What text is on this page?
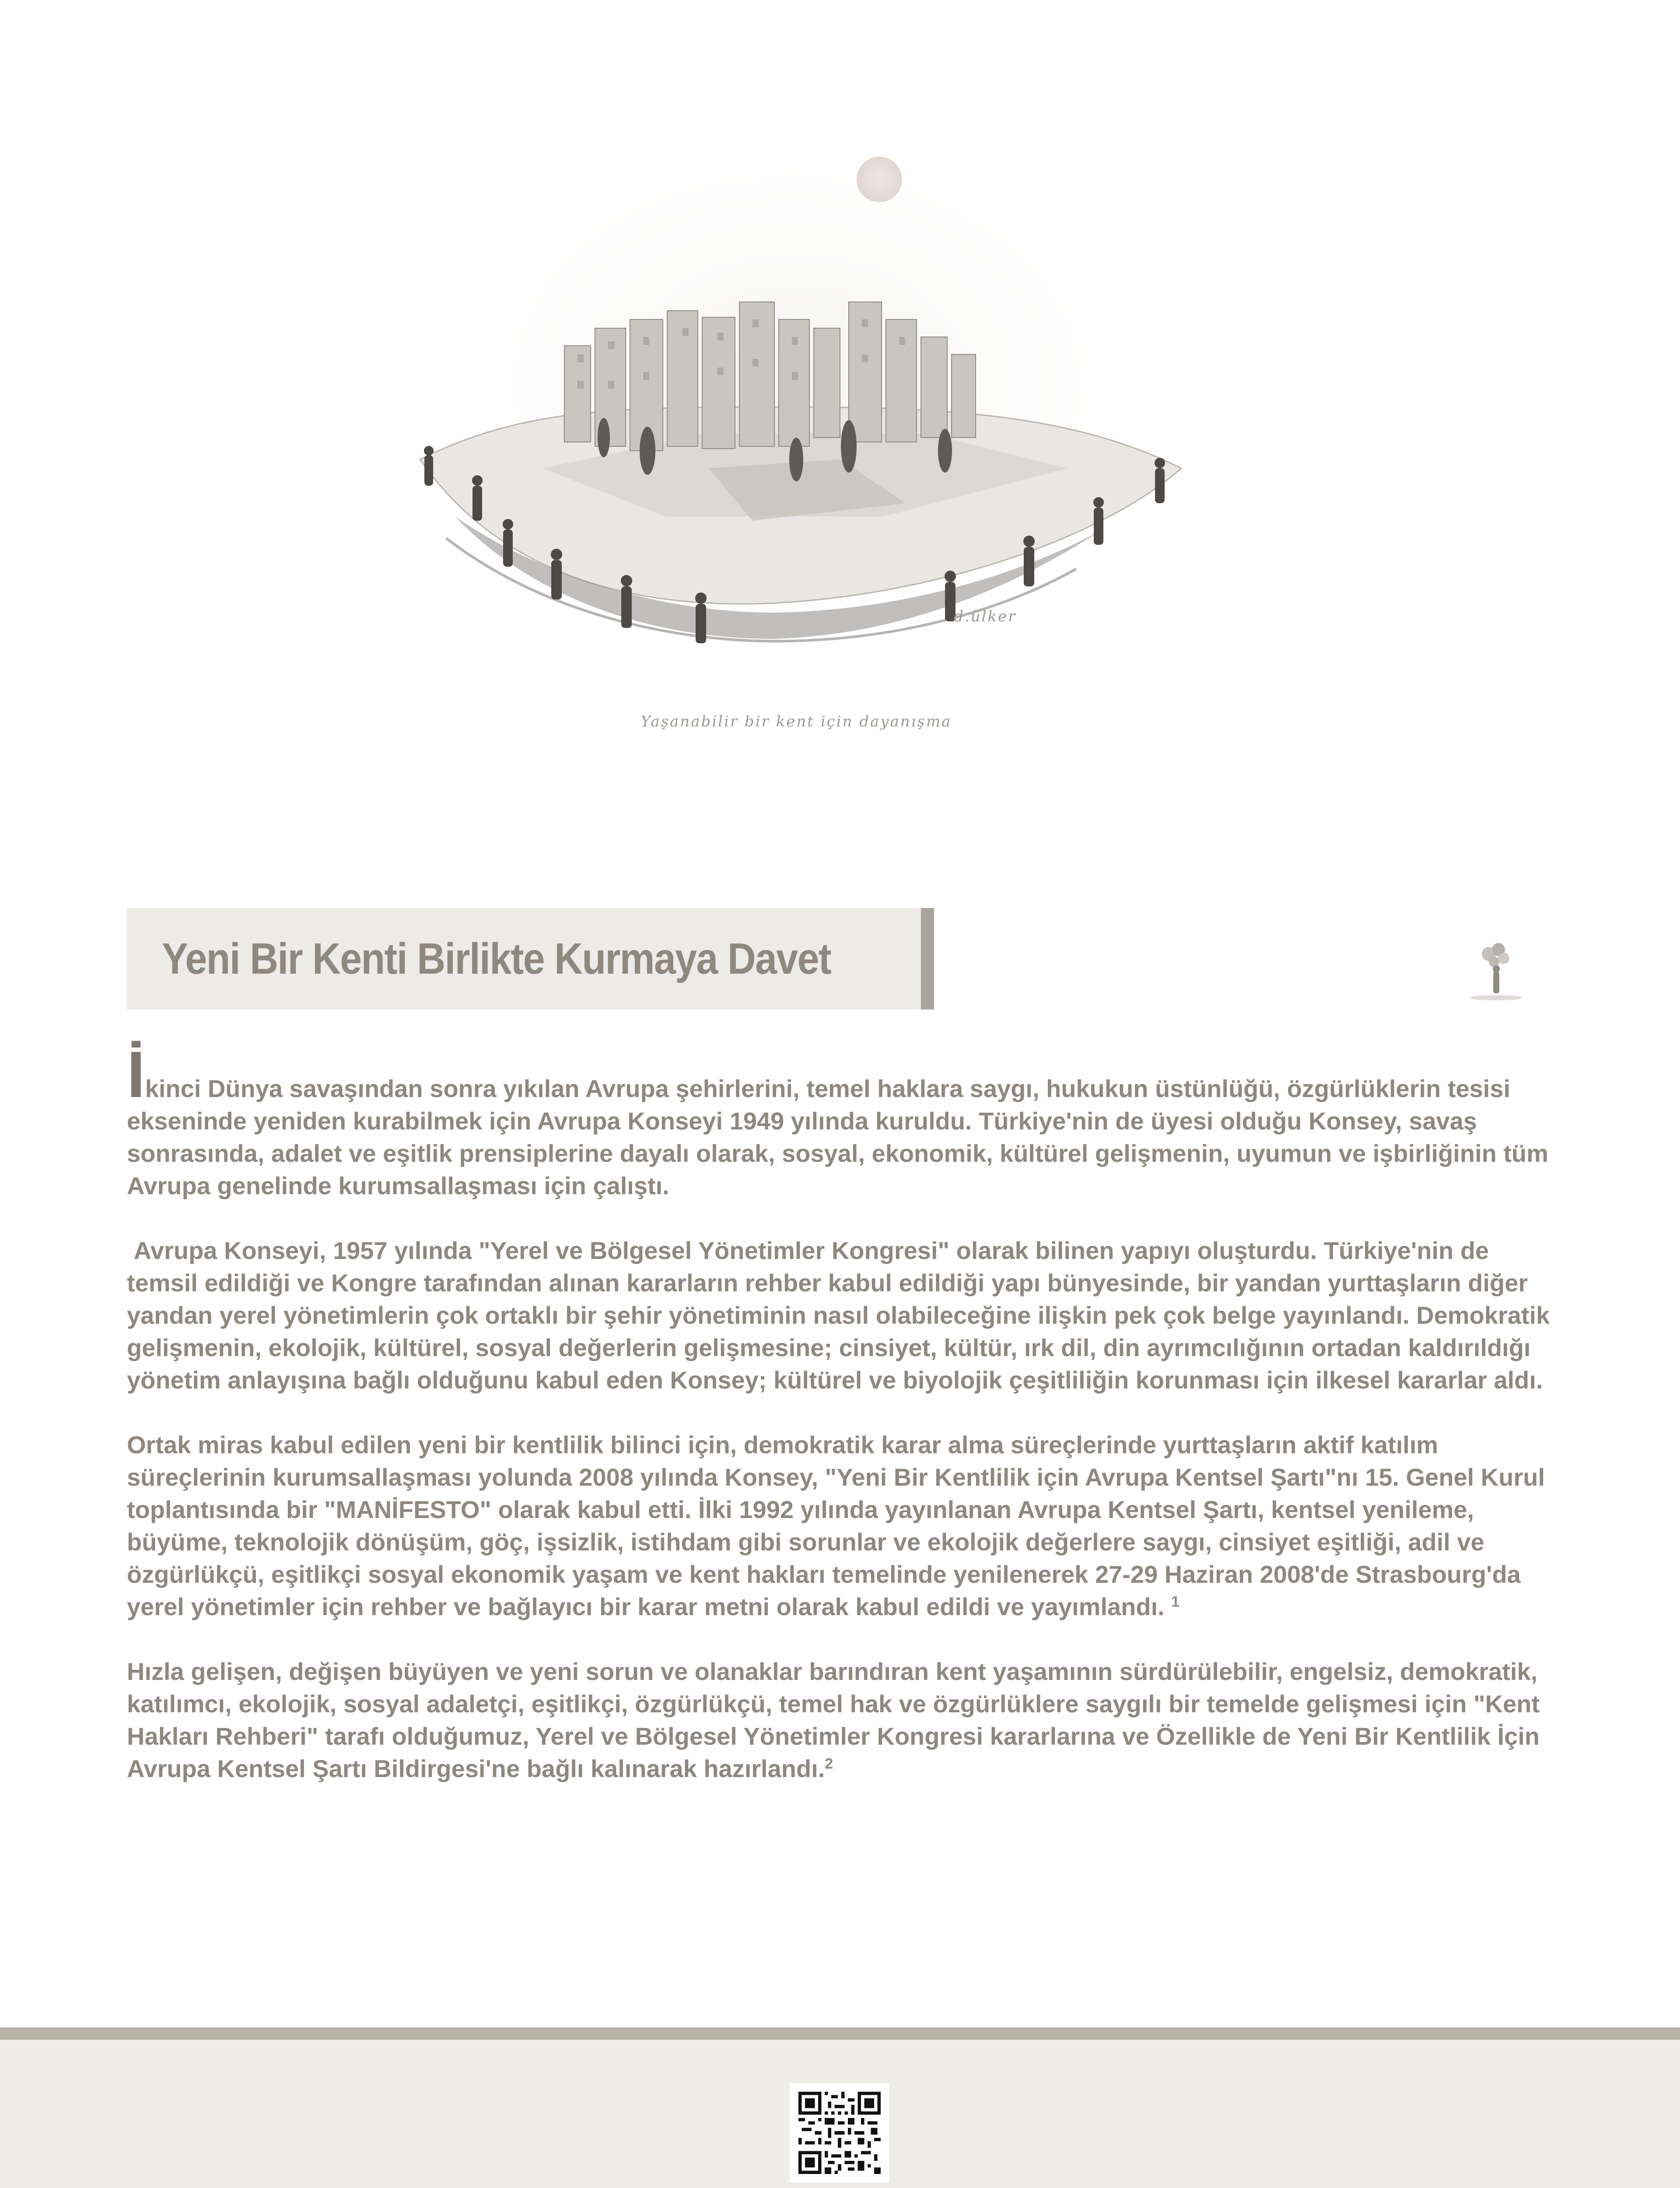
d.ülker
Yaşanabilir bir kent için dayanışma
Yeni Bir Kenti Birlikte Kurmaya Davet

İkinci Dünya savaşından sonra yıkılan Avrupa şehirlerini, temel haklara saygı, hukukun üstünlüğü, özgürlüklerin tesisi ekseninde yeniden kurabilmek için Avrupa Konseyi 1949 yılında kuruldu. Türkiye'nin de üyesi olduğu Konsey, savaş sonrasında, adalet ve eşitlik prensiplerine dayalı olarak, sosyal, ekonomik, kültürel gelişmenin, uyumun ve işbirliğinin tüm Avrupa genelinde kurumsallaşması için çalıştı.

Avrupa Konseyi, 1957 yılında "Yerel ve Bölgesel Yönetimler Kongresi" olarak bilinen yapıyı oluşturdu. Türkiye'nin de temsil edildiği ve Kongre tarafından alınan kararların rehber kabul edildiği yapı bünyesinde, bir yandan yurttaşların diğer yandan yerel yönetimlerin çok ortaklı bir şehir yönetiminin nasıl olabileceğine ilişkin pek çok belge yayınlandı. Demokratik gelişmenin, ekolojik, kültürel, sosyal değerlerin gelişmesine; cinsiyet, kültür, ırk dil, din ayrımcılığının ortadan kaldırıldığı yönetim anlayışına bağlı olduğunu kabul eden Konsey; kültürel ve biyolojik çeşitliliğin korunması için ilkesel kararlar aldı.

Ortak miras kabul edilen yeni bir kentlilik bilinci için, demokratik karar alma süreçlerinde yurttaşların aktif katılım süreçlerinin kurumsallaşması yolunda 2008 yılında Konsey, "Yeni Bir Kentlilik için Avrupa Kentsel Şartı"nı 15. Genel Kurul toplantısında bir "MANİFESTO" olarak kabul etti. İlki 1992 yılında yayınlanan Avrupa Kentsel Şartı, kentsel yenileme, büyüme, teknolojik dönüşüm, göç, işsizlik, istihdam gibi sorunlar ve ekolojik değerlere saygı, cinsiyet eşitliği, adil ve özgürlükçü, eşitlikçi sosyal ekonomik yaşam ve kent hakları temelinde yenilenerek 27-29 Haziran 2008'de Strasbourg'da yerel yönetimler için rehber ve bağlayıcı bir karar metni olarak kabul edildi ve yayımlandı. $^1$

Hızla gelişen, değişen büyüyen ve yeni sorun ve olanaklar barındıran kent yaşamının sürdürülebilir, engelsiz, demokratik, katılımcı, ekolojik, sosyal adaletçi, eşitlikçi, özgürlükçü, temel hak ve özgürlüklere saygılı bir temelde gelişmesi için "Kent Hakları Rehberi" tarafı olduğumuz, Yerel ve Bölgesel Yönetimler Kongresi kararlarına ve Özellikle de Yeni Bir Kentlilik İçin Avrupa Kentsel Şartı Bildirgesi'ne bağlı kalınarak hazırlandı.$^2$
